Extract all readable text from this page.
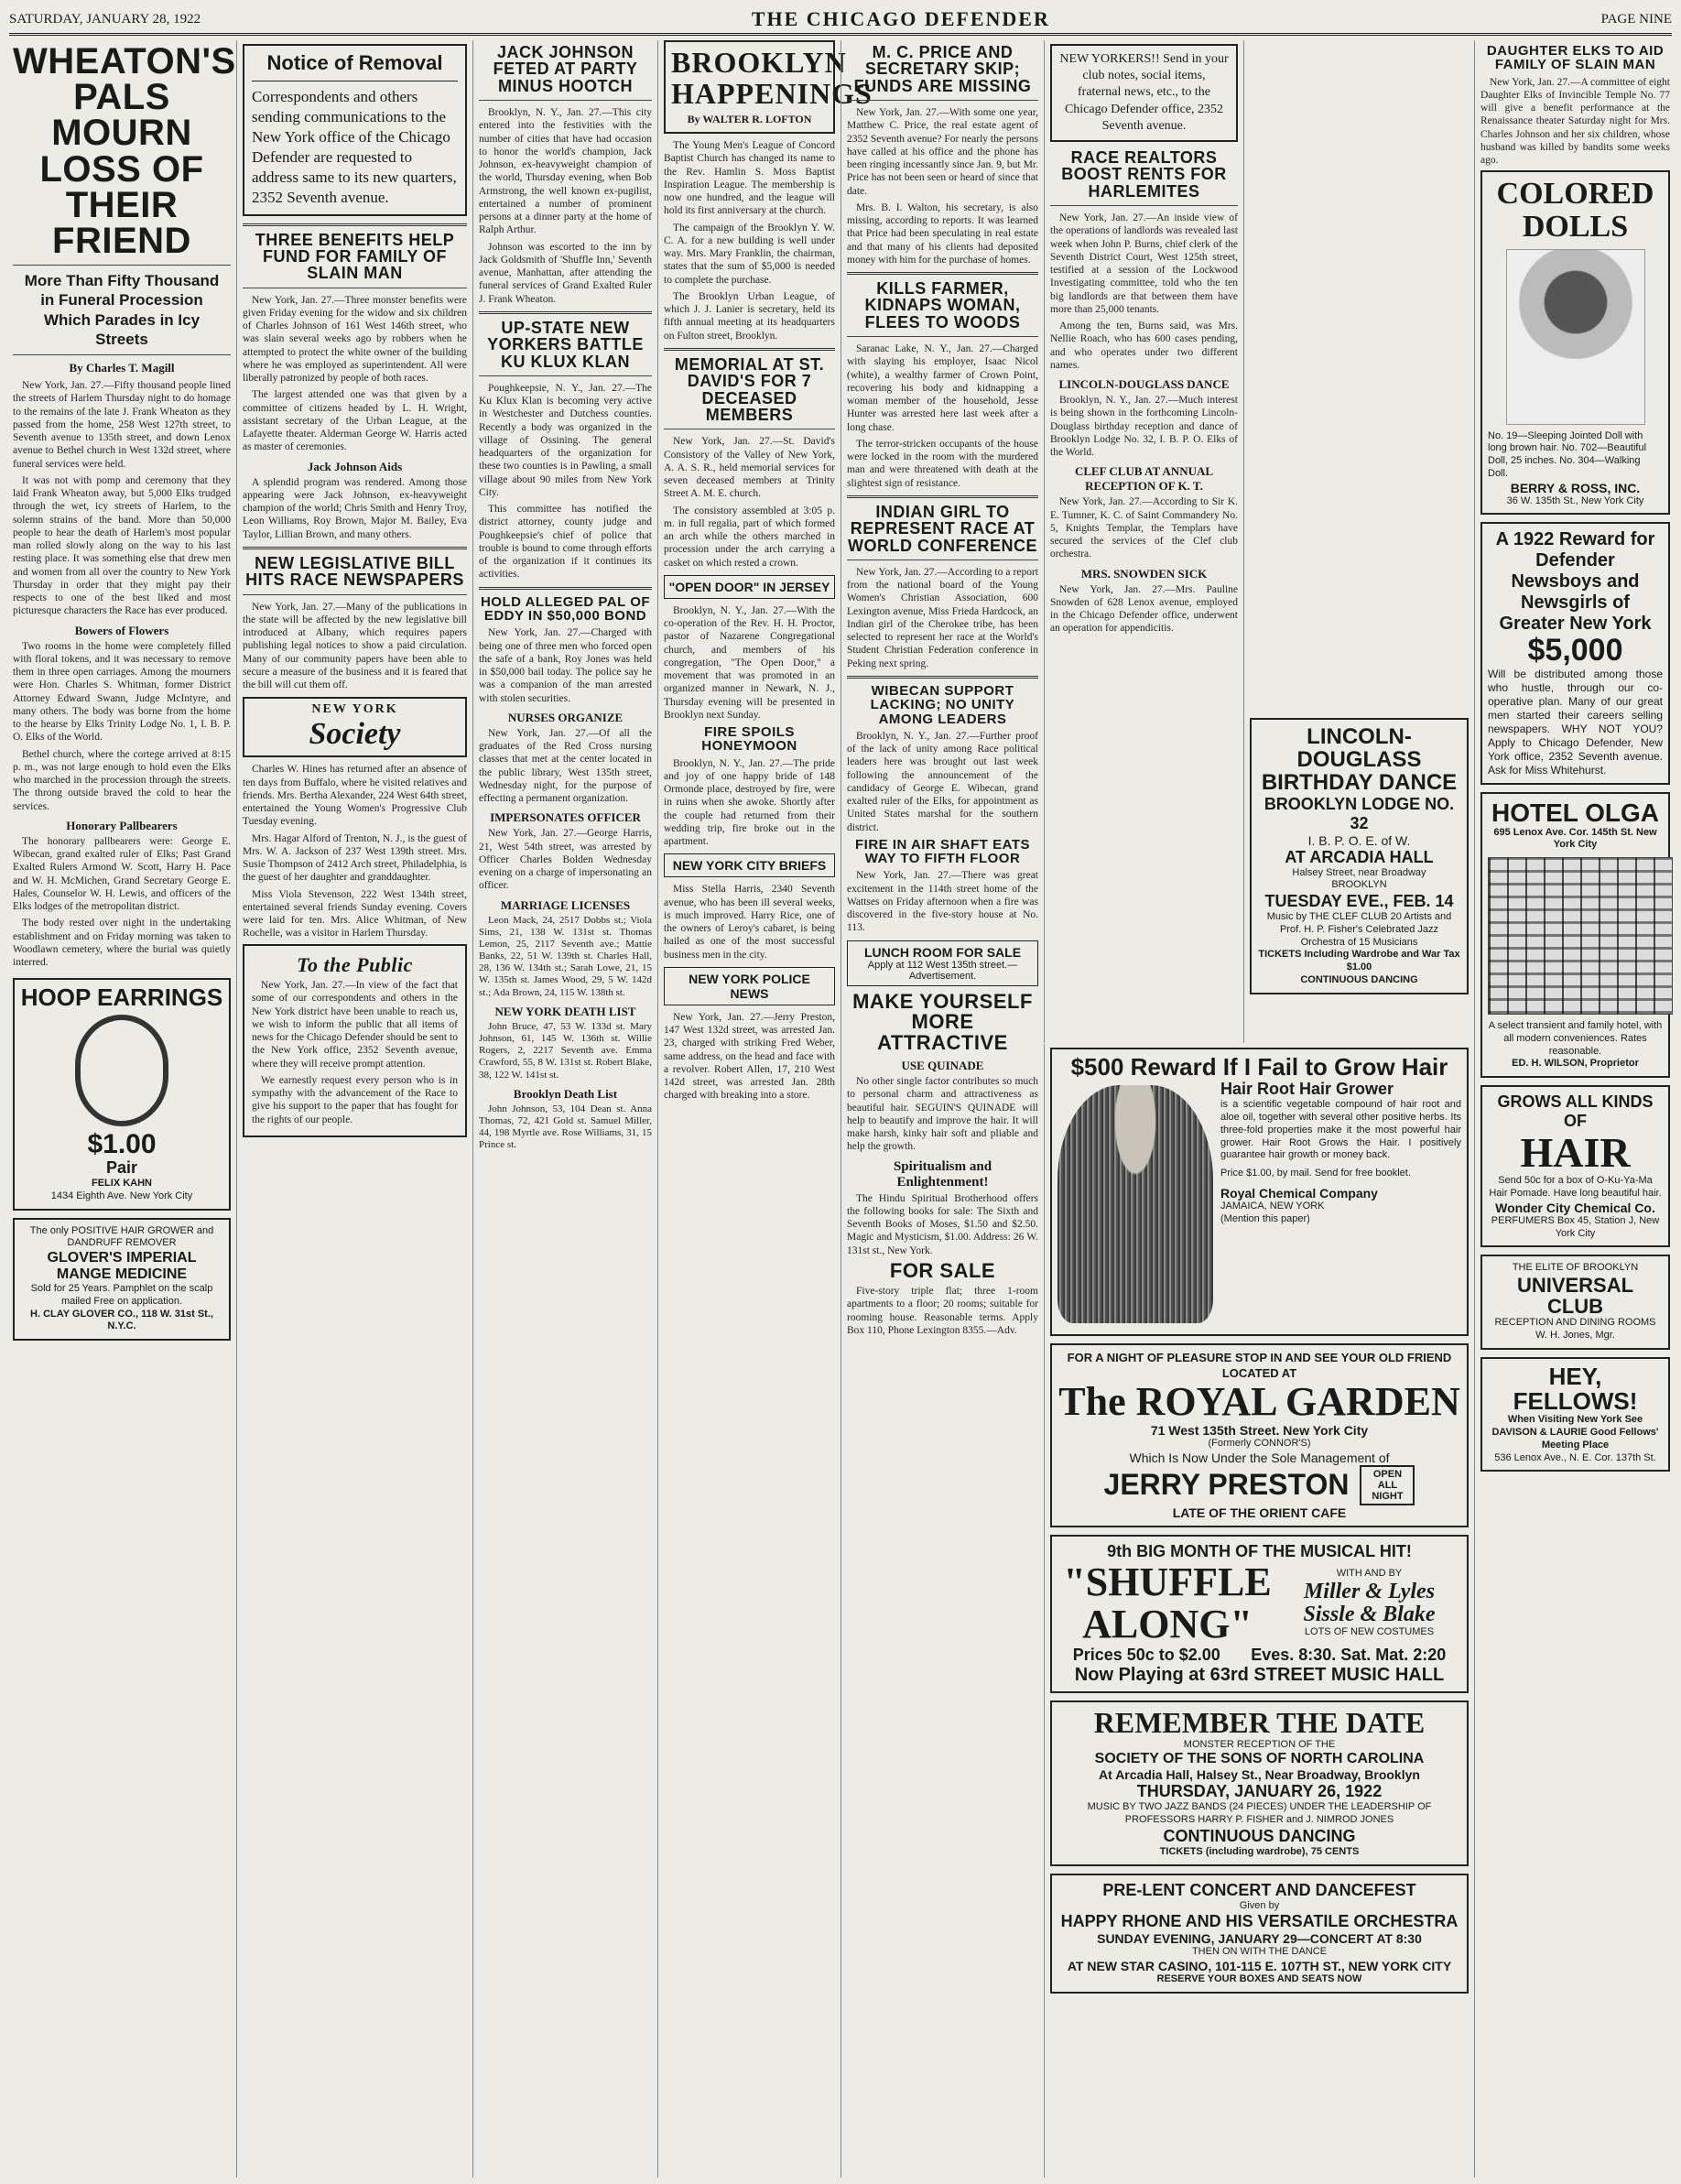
SATURDAY, JANUARY 28, 1922	THE CHICAGO DEFENDER	PAGE NINE
WHEATON'S PALS MOURN LOSS OF THEIR FRIEND
More Than Fifty Thousand in Funeral Procession Which Parades in Icy Streets
By Charles T. Magill

New York, Jan. 27.—Fifty thousand people lined the streets of Harlem Thursday night to do homage to the remains of the late J. Frank Wheaton as they passed from the home, 258 West 127th street, to Seventh avenue to 135th street, and down Lenox avenue to Bethel church in West 132d street, where funeral services were held.

It was not with pomp and ceremony that they laid Frank Wheaton away, but 5,000 Elks trudged through the wet, icy streets of Harlem, to the solemn strains of the band. More than 50,000 people to hear the death of Harlem's most popular man rolled slowly along on the way to his last resting place. It was something else that drew men and women from all over the country to New York Thursday in order that they might pay their respects to one of the best liked and most picturesque characters the Race has ever produced.

Bowers of Flowers

Two rooms in the home were completely filled with floral tokens, and it was necessary to remove them in three open carriages. Among the mourners were Hon. Charles S. Whitman, former District Attorney Edward Swann, Judge McIntyre, and many others. The body was borne from the home to the hearse by Elks Trinity Lodge No. 1, I. B. P. O. Elks of the World.

Bethel church, where the cortege arrived at 8:15 p. m., was not large enough to hold even the Elks who marched in the procession through the streets. The throng outside braved the cold to hear the services.

Honorary Pallbearers

The honorary pallbearers were: George E. Wibecan, grand exalted ruler of Elks; Past Grand Exalted Rulers Armond W. Scott, Harry H. Pace and W. H. McMichen, Grand Secretary George E. Hales, Counselor W. H. Lewis, and officers of the Elks lodges of the metropolitan district.

The body rested over night in the undertaking establishment and on Friday morning was taken to Woodlawn cemetery, where the burial was quietly interred.

HOOP EARRINGS
$1.00
Pair
FELIX KAHN
1434 Eighth Ave. New York City
The only POSITIVE HAIR GROWER and DANDRUFF REMOVER
GLOVER'S IMPERIAL MANGE MEDICINE
Sold for 25 Years. Pamphlet on the scalp mailed Free on application.
H. CLAY GLOVER CO., 118 W. 31st St., N.Y.C.
Notice of Removal
Correspondents and others sending communications to the New York office of the Chicago Defender are requested to address same to its new quarters, 2352 Seventh avenue.
THREE BENEFITS HELP FUND FOR FAMILY OF SLAIN MAN

New York, Jan. 27.—Three monster benefits were given Friday evening for the widow and six children of Charles Johnson of 161 West 146th street, who was slain several weeks ago by robbers when he attempted to protect the white owner of the building where he was employed as superintendent. All were liberally patronized by people of both races.

The largest attended one was that given by a committee of citizens headed by L. H. Wright, assistant secretary of the Urban League, at the Lafayette theater. Alderman George W. Harris acted as master of ceremonies.

Jack Johnson Aids

A splendid program was rendered. Among those appearing were Jack Johnson, ex-heavyweight champion of the world; Chris Smith and Henry Troy, Leon Williams, Roy Brown, Major M. Bailey, Eva Taylor, Lillian Brown, and many others.

NEW LEGISLATIVE BILL HITS RACE NEWSPAPERS

New York, Jan. 27.—Many of the publications in the state will be affected by the new legislative bill introduced at Albany, which requires papers publishing legal notices to show a paid circulation. Many of our community papers have been able to secure a measure of the business and it is feared that the bill will cut them off.

NEW YORK
Society

Charles W. Hines has returned after an absence of ten days from Buffalo, where he visited relatives and friends. Mrs. Bertha Alexander, 224 West 64th street, entertained the Young Women's Progressive Club Tuesday evening.

Mrs. Hagar Alford of Trenton, N. J., is the guest of Mrs. W. A. Jackson of 237 West 139th street. Mrs. Susie Thompson of 2412 Arch street, Philadelphia, is the guest of her daughter and granddaughter.

Miss Viola Stevenson, 222 West 134th street, entertained several friends Sunday evening. Covers were laid for ten. Mrs. Alice Whitman, of New Rochelle, was a visitor in Harlem Thursday.

To the Public

New York, Jan. 27.—In view of the fact that some of our correspondents and others in the New York district have been unable to reach us, we wish to inform the public that all items of news for the Chicago Defender should be sent to the New York office, 2352 Seventh avenue, where they will receive prompt attention.

We earnestly request every person who is in sympathy with the advancement of the Race to give his support to the paper that has fought for the rights of our people.

JACK JOHNSON FETED AT PARTY MINUS HOOTCH

Brooklyn, N. Y., Jan. 27.—This city entered into the festivities with the number of cities that have had occasion to honor the world's champion, Jack Johnson, ex-heavyweight champion of the world, Thursday evening, when Bob Armstrong, the well known ex-pugilist, entertained a number of prominent persons at a dinner party at the home of Ralph Arthur.

Johnson was escorted to the inn by Jack Goldsmith of 'Shuffle Inn,' Seventh avenue, Manhattan, after attending the funeral services of Grand Exalted Ruler J. Frank Wheaton.

UP-STATE NEW YORKERS BATTLE KU KLUX KLAN

Poughkeepsie, N. Y., Jan. 27.—The Ku Klux Klan is becoming very active in Westchester and Dutchess counties. Recently a body was organized in the village of Ossining. The general headquarters of the organization for these two counties is in Pawling, a small village about 90 miles from New York City.

This committee has notified the district attorney, county judge and Poughkeepsie's chief of police that trouble is bound to come through efforts of the organization if it continues its activities.

HOLD ALLEGED PAL OF EDDY IN $50,000 BOND

New York, Jan. 27.—Charged with being one of three men who forced open the safe of a bank, Roy Jones was held in $50,000 bail today. The police say he was a companion of the man arrested with stolen securities.

NURSES ORGANIZE

New York, Jan. 27.—Of all the graduates of the Red Cross nursing classes that met at the center located in the public library, West 135th street, Wednesday night, for the purpose of effecting a permanent organization.

IMPERSONATES OFFICER

New York, Jan. 27.—George Harris, 21, West 54th street, was arrested by Officer Charles Bolden Wednesday evening on a charge of impersonating an officer.

MARRIAGE LICENSES

Leon Mack, 24, 2517 Dobbs st.; Viola Sims, 21, 138 W. 131st st. Thomas Lemon, 25, 2117 Seventh ave.; Mattie Banks, 22, 51 W. 139th st. Charles Hall, 28, 136 W. 134th st.; Sarah Lowe, 21, 15 W. 135th st. James Wood, 29, 5 W. 142d st.; Ada Brown, 24, 115 W. 138th st.

NEW YORK DEATH LIST

John Bruce, 47, 53 W. 133d st. Mary Johnson, 61, 145 W. 136th st. Willie Rogers, 2, 2217 Seventh ave. Emma Crawford, 55, 8 W. 131st st. Robert Blake, 38, 122 W. 141st st.

Brooklyn Death List

John Johnson, 53, 104 Dean st. Anna Thomas, 72, 421 Gold st. Samuel Miller, 44, 198 Myrtle ave. Rose Williams, 31, 15 Prince st.

BROOKLYN HAPPENINGS
By WALTER R. LOFTON

The Young Men's League of Concord Baptist Church has changed its name to the Rev. Hamlin S. Moss Baptist Inspiration League. The membership is now one hundred, and the league will hold its first anniversary at the church.

The campaign of the Brooklyn Y. W. C. A. for a new building is well under way. Mrs. Mary Franklin, the chairman, states that the sum of $5,000 is needed to complete the purchase.

The Brooklyn Urban League, of which J. J. Lanier is secretary, held its fifth annual meeting at its headquarters on Fulton street, Brooklyn.

MEMORIAL AT ST. DAVID'S FOR 7 DECEASED MEMBERS

New York, Jan. 27.—St. David's Consistory of the Valley of New York, A. A. S. R., held memorial services for seven deceased members at Trinity Street A. M. E. church.

The consistory assembled at 3:05 p. m. in full regalia, part of which formed an arch while the others marched in procession under the arch carrying a casket on which rested a crown.

"OPEN DOOR" IN JERSEY

Brooklyn, N. Y., Jan. 27.—With the co-operation of the Rev. H. H. Proctor, pastor of Nazarene Congregational church, and members of his congregation, "The Open Door," a movement that was promoted in an organized manner in Newark, N. J., Thursday evening will be presented in Brooklyn next Sunday.

FIRE SPOILS HONEYMOON

Brooklyn, N. Y., Jan. 27.—The pride and joy of one happy bride of 148 Ormonde place, destroyed by fire, were in ruins when she awoke. Shortly after the couple had returned from their wedding trip, fire broke out in the apartment.

NEW YORK CITY BRIEFS

Miss Stella Harris, 2340 Seventh avenue, who has been ill several weeks, is much improved. Harry Rice, one of the owners of Leroy's cabaret, is being hailed as one of the most successful business men in the city.

NEW YORK POLICE NEWS

New York, Jan. 27.—Jerry Preston, 147 West 132d street, was arrested Jan. 23, charged with striking Fred Weber, same address, on the head and face with a revolver. Robert Allen, 17, 210 West 142d street, was arrested Jan. 28th charged with breaking into a store.

M. C. PRICE AND SECRETARY SKIP; FUNDS ARE MISSING

New York, Jan. 27.—With some one year, Matthew C. Price, the real estate agent of 2352 Seventh avenue? For nearly the persons have called at his office and the phone has been ringing incessantly since Jan. 9, but Mr. Price has not been seen or heard of since that date.

Mrs. B. I. Walton, his secretary, is also missing, according to reports. It was learned that Price had been speculating in real estate and that many of his clients had deposited money with him for the purchase of homes.

KILLS FARMER, KIDNAPS WOMAN, FLEES TO WOODS

Saranac Lake, N. Y., Jan. 27.—Charged with slaying his employer, Isaac Nicol (white), a wealthy farmer of Crown Point, recovering his body and kidnapping a woman member of the household, Jesse Hunter was arrested here last week after a long chase.

The terror-stricken occupants of the house were locked in the room with the murdered man and were threatened with death at the slightest sign of resistance.

INDIAN GIRL TO REPRESENT RACE AT WORLD CONFERENCE

New York, Jan. 27.—According to a report from the national board of the Young Women's Christian Association, 600 Lexington avenue, Miss Frieda Hardcock, an Indian girl of the Cherokee tribe, has been selected to represent her race at the World's Student Christian Federation conference in Peking next spring.

WIBECAN SUPPORT LACKING; NO UNITY AMONG LEADERS

Brooklyn, N. Y., Jan. 27.—Further proof of the lack of unity among Race political leaders here was brought out last week following the announcement of the candidacy of George E. Wibecan, grand exalted ruler of the Elks, for appointment as United States marshal for the southern district.

FIRE IN AIR SHAFT EATS WAY TO FIFTH FLOOR

New York, Jan. 27.—There was great excitement in the 114th street home of the Wattses on Friday afternoon when a fire was discovered in the five-story house at No. 113.

LUNCH ROOM FOR SALE
Apply at 112 West 135th street.—Advertisement.
MAKE YOURSELF MORE ATTRACTIVE
USE QUINADE

No other single factor contributes so much to personal charm and attractiveness as beautiful hair. SEGUIN'S QUINADE will help to beautify and improve the hair. It will make harsh, kinky hair soft and pliable and help the growth.

Spiritualism and Enlightenment!

The Hindu Spiritual Brotherhood offers the following books for sale: The Sixth and Seventh Books of Moses, $1.50 and $2.50. Magic and Mysticism, $1.00. Address: 26 W. 131st st., New York.

FOR SALE

Five-story triple flat; three 1-room apartments to a floor; 20 rooms; suitable for rooming house. Reasonable terms. Apply Box 110, Phone Lexington 8355.—Adv.

NEW YORKERS!! Send in your club notes, social items, fraternal news, etc., to the Chicago Defender office, 2352 Seventh avenue.
RACE REALTORS BOOST RENTS FOR HARLEMITES

New York, Jan. 27.—An inside view of the operations of landlords was revealed last week when John P. Burns, chief clerk of the Seventh District Court, West 125th street, testified at a session of the Lockwood Investigating committee, told who the ten big landlords are that between them have more than 25,000 tenants.

Among the ten, Burns said, was Mrs. Nellie Roach, who has 600 cases pending, and who operates under two different names.

LINCOLN-DOUGLASS DANCE

Brooklyn, N. Y., Jan. 27.—Much interest is being shown in the forthcoming Lincoln-Douglass birthday reception and dance of Brooklyn Lodge No. 32, I. B. P. O. Elks of the World.

CLEF CLUB AT ANNUAL RECEPTION OF K. T.

New York, Jan. 27.—According to Sir K. E. Tumner, K. C. of Saint Commandery No. 5, Knights Templar, the Templars have secured the services of the Clef club orchestra.

MRS. SNOWDEN SICK

New York, Jan. 27.—Mrs. Pauline Snowden of 628 Lenox avenue, employed in the Chicago Defender office, underwent an operation for appendicitis.

LINCOLN-DOUGLASS BIRTHDAY DANCE
BROOKLYN LODGE NO. 32
I. B. P. O. E. of W.
AT ARCADIA HALL
Halsey Street, near Broadway
BROOKLYN
TUESDAY EVE., FEB. 14
Music by THE CLEF CLUB 20 Artists and Prof. H. P. Fisher's Celebrated Jazz Orchestra of 15 Musicians
TICKETS Including Wardrobe and War Tax $1.00
CONTINUOUS DANCING
$500 Reward If I Fail to Grow Hair
Hair Root Hair Grower
is a scientific vegetable compound of hair root and aloe oil, together with several other positive herbs. Its three-fold properties make it the most powerful hair grower. Hair Root Grows the Hair. I positively guarantee hair growth or money back.
Price $1.00, by mail. Send for free booklet.
Royal Chemical Company
JAMAICA, NEW YORK
(Mention this paper)
FOR A NIGHT OF PLEASURE STOP IN AND SEE YOUR OLD FRIEND LOCATED AT
The ROYAL GARDEN
71 West 135th Street. New York City
(Formerly CONNOR'S)
Which Is Now Under the Sole Management of
JERRY PRESTON	OPEN ALL NIGHT
LATE OF THE ORIENT CAFE
9th BIG MONTH OF THE MUSICAL HIT!
"SHUFFLE ALONG"
WITH AND BY
Miller & Lyles Sissle & Blake
LOTS OF NEW COSTUMES
Prices 50c to $2.00 Eves. 8:30. Sat. Mat. 2:20
Now Playing at 63rd STREET MUSIC HALL
REMEMBER THE DATE
MONSTER RECEPTION OF THE
SOCIETY OF THE SONS OF NORTH CAROLINA
At Arcadia Hall, Halsey St., Near Broadway, Brooklyn
THURSDAY, JANUARY 26, 1922
MUSIC BY TWO JAZZ BANDS (24 PIECES) UNDER THE LEADERSHIP OF PROFESSORS HARRY P. FISHER and J. NIMROD JONES
CONTINUOUS DANCING
TICKETS (including wardrobe), 75 CENTS
PRE-LENT CONCERT AND DANCEFEST
Given by
HAPPY RHONE AND HIS VERSATILE ORCHESTRA
SUNDAY EVENING, JANUARY 29—CONCERT AT 8:30
THEN ON WITH THE DANCE
AT NEW STAR CASINO, 101-115 E. 107TH ST., NEW YORK CITY
RESERVE YOUR BOXES AND SEATS NOW
DAUGHTER ELKS TO AID FAMILY OF SLAIN MAN

New York, Jan. 27.—A committee of eight Daughter Elks of Invincible Temple No. 77 will give a benefit performance at the Renaissance theater Saturday night for Mrs. Charles Johnson and her six children, whose husband was killed by bandits some weeks ago.

COLORED DOLLS
No. 19—Sleeping Jointed Doll with long brown hair. No. 702—Beautiful Doll, 25 inches. No. 304—Walking Doll.
BERRY & ROSS, INC.
36 W. 135th St., New York City
A 1922 Reward for Defender Newsboys and Newsgirls of Greater New York
$5,000
Will be distributed among those who hustle, through our co-operative plan. Many of our great men started their careers selling newspapers. WHY NOT YOU? Apply to Chicago Defender, New York office, 2352 Seventh avenue. Ask for Miss Whitehurst.
HOTEL OLGA
695 Lenox Ave. Cor. 145th St. New York City
A select transient and family hotel, with all modern conveniences. Rates reasonable.
ED. H. WILSON, Proprietor
GROWS ALL KINDS OF
HAIR
Send 50c for a box of O-Ku-Ya-Ma Hair Pomade. Have long beautiful hair.
Wonder City Chemical Co.
PERFUMERS Box 45, Station J, New York City
THE ELITE OF BROOKLYN
UNIVERSAL CLUB
RECEPTION AND DINING ROOMS
W. H. Jones, Mgr.
HEY, FELLOWS!
When Visiting New York See DAVISON & LAURIE Good Fellows' Meeting Place
536 Lenox Ave., N. E. Cor. 137th St.
